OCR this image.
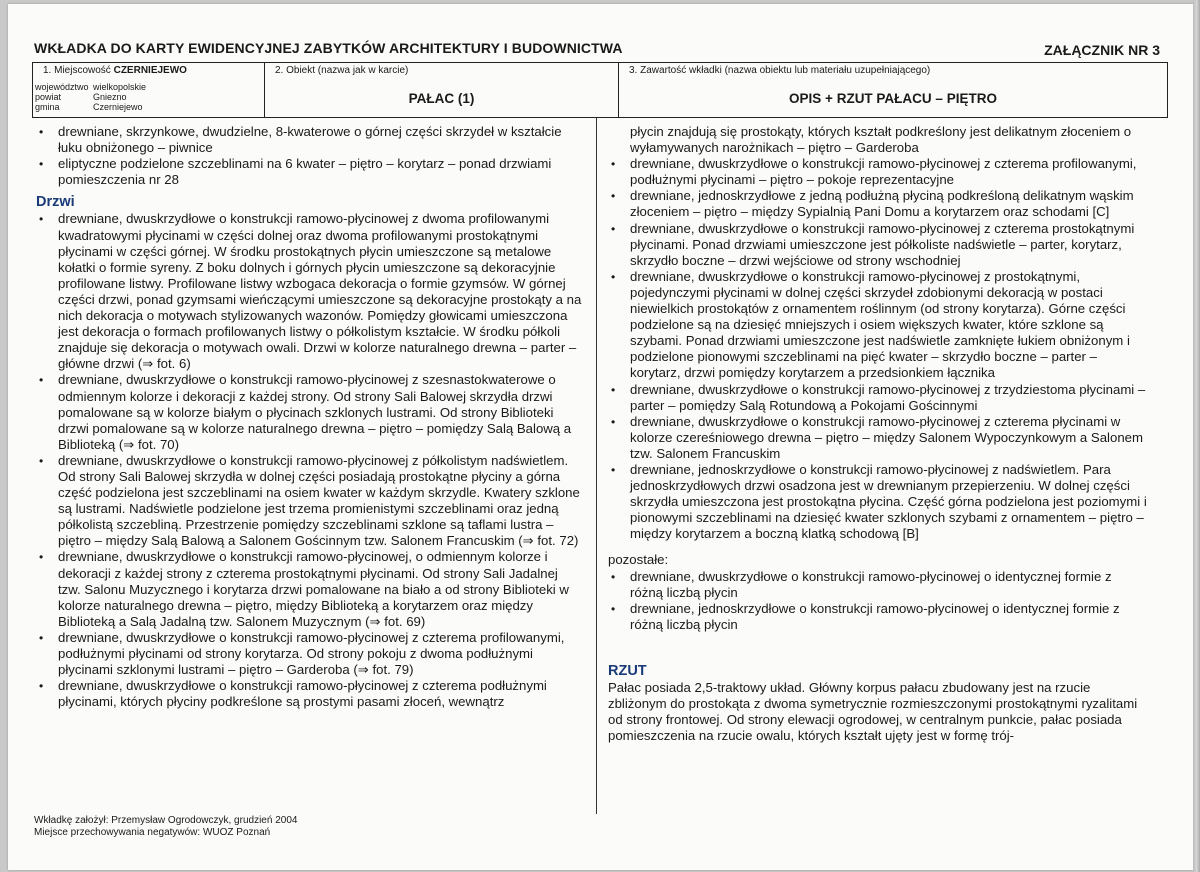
WKŁADKA DO KARTY EWIDENCYJNEJ ZABYTKÓW ARCHITEKTURY I BUDOWNICTWA	ZAŁĄCZNIK NR 3
1. Miejscowość CZERNIEJEWO
województwo wielkopolskie
powiat	Gniezno
gmina	Czerniejewo
2. Obiekt (nazwa jak w karcie)
PAŁAC (1)
3. Zawartość wkładki (nazwa obiektu lub materiału uzupełniającego)
OPIS + RZUT PAŁACU – PIĘTRO
• drewniane, skrzynkowe, dwudzielne, 8-kwaterowe o górnej części skrzydeł w kształcie łuku obniżonego – piwnice
• eliptyczne podzielone szczeblinami na 6 kwater – piętro – korytarz – ponad drzwiami pomieszczenia nr 28
Drzwi
• drewniane, dwuskrzydłowe o konstrukcji ramowo-płycinowej z dwoma profilowanymi kwadratowymi płycinami w części dolnej oraz dwoma profilowanymi prostokątnymi płycinami w części górnej. W środku prostokątnych płycin umieszczone są metalowe kołatki o formie syreny. Z boku dolnych i górnych płycin umieszczone są dekoracyjnie profilowane listwy. Profilowane listwy wzbogaca dekoracja o formie gzymsów. W górnej części drzwi, ponad gzymsami wieńczącymi umieszczone są dekoracyjne prostokąty a na nich dekoracja o motywach stylizowanych wazonów. Pomiędzy głowicami umieszczona jest dekoracja o formach profilowanych listwy o półkolistym kształcie. W środku półkoli znajduje się dekoracja o motywach owali. Drzwi w kolorze naturalnego drewna – parter – główne drzwi (⇒ fot. 6)
• drewniane, dwuskrzydłowe o konstrukcji ramowo-płycinowej z szesnastokwaterowe o odmiennym kolorze i dekoracji z każdej strony. Od strony Sali Balowej skrzydła drzwi pomalowane są w kolorze białym o płycinach szklonych lustrami. Od strony Biblioteki drzwi pomalowane są w kolorze naturalnego drewna – piętro – pomiędzy Salą Balową a Biblioteką (⇒ fot. 70)
• drewniane, dwuskrzydłowe o konstrukcji ramowo-płycinowej z półkolistym nadświetlem. Od strony Sali Balowej skrzydła w dolnej części posiadają prostokątne płyciny a górna część podzielona jest szczeblinami na osiem kwater w każdym skrzydle. Kwatery szklone są lustrami. Nadświetle podzielone jest trzema promienistymi szczeblinami oraz jedną półkolistą szczebliną. Przestrzenie pomiędzy szczeblinami szklone są taflami lustra – piętro – między Salą Balową a Salonem Gościnnym tzw. Salonem Francuskim (⇒ fot. 72)
• drewniane, dwuskrzydłowe o konstrukcji ramowo-płycinowej, o odmiennym kolorze i dekoracji z każdej strony z czterema prostokątnymi płycinami. Od strony Sali Jadalnej tzw. Salonu Muzycznego i korytarza drzwi pomalowane na biało a od strony Biblioteki w kolorze naturalnego drewna – piętro, między Biblioteką a korytarzem oraz między Biblioteką a Salą Jadalną tzw. Salonem Muzycznym (⇒ fot. 69)
• drewniane, dwuskrzydłowe o konstrukcji ramowo-płycinowej z czterema profilowanymi, podłużnymi płycinami od strony korytarza. Od strony pokoju z dwoma podłużnymi płycinami szklonymi lustrami – piętro – Garderoba (⇒ fot. 79)
• drewniane, dwuskrzydłowe o konstrukcji ramowo-płycinowej z czterema podłużnymi płycinami, których płyciny podkreślone są prostymi pasami złoceń, wewnątrz

płycin znajdują się prostokąty, których kształt podkreślony jest delikatnym złoceniem o wyłamywanych narożnikach – piętro – Garderoba

• drewniane, dwuskrzydłowe o konstrukcji ramowo-płycinowej z czterema profilowanymi, podłużnymi płycinami – piętro – pokoje reprezentacyjne
• drewniane, jednoskrzydłowe z jedną podłużną płyciną podkreśloną delikatnym wąskim złoceniem – piętro – między Sypialnią Pani Domu a korytarzem oraz schodami [C]
• drewniane, dwuskrzydłowe o konstrukcji ramowo-płycinowej z czterema prostokątnymi płycinami. Ponad drzwiami umieszczone jest półkoliste nadświetle – parter, korytarz, skrzydło boczne – drzwi wejściowe od strony wschodniej
• drewniane, dwuskrzydłowe o konstrukcji ramowo-płycinowej z prostokątnymi, pojedynczymi płycinami w dolnej części skrzydeł zdobionymi dekoracją w postaci niewielkich prostokątów z ornamentem roślinnym (od strony korytarza). Górne części podzielone są na dziesięć mniejszych i osiem większych kwater, które szklone są szybami. Ponad drzwiami umieszczone jest nadświetle zamknięte łukiem obniżonym i podzielone pionowymi szczeblinami na pięć kwater – skrzydło boczne – parter – korytarz, drzwi pomiędzy korytarzem a przedsionkiem łącznika
• drewniane, dwuskrzydłowe o konstrukcji ramowo-płycinowej z trzydziestoma płycinami – parter – pomiędzy Salą Rotundową a Pokojami Gościnnymi
• drewniane, dwuskrzydłowe o konstrukcji ramowo-płycinowej z czterema płycinami w kolorze czereśniowego drewna – piętro – między Salonem Wypoczynkowym a Salonem tzw. Salonem Francuskim
• drewniane, jednoskrzydłowe o konstrukcji ramowo-płycinowej z nadświetlem. Para jednoskrzydłowych drzwi osadzona jest w drewnianym przepierzeniu. W dolnej części skrzydła umieszczona jest prostokątna płycina. Część górna podzielona jest poziomymi i pionowymi szczeblinami na dziesięć kwater szklonych szybami z ornamentem – piętro – między korytarzem a boczną klatką schodową [B]

pozostałe:

• drewniane, dwuskrzydłowe o konstrukcji ramowo-płycinowej o identycznej formie z różną liczbą płycin
• drewniane, jednoskrzydłowe o konstrukcji ramowo-płycinowej o identycznej formie z różną liczbą płycin
RZUT

Pałac posiada 2,5-traktowy układ. Główny korpus pałacu zbudowany jest na rzucie zbliżonym do prostokąta z dwoma symetrycznie rozmieszczonymi prostokątnymi ryzalitami od strony frontowej. Od strony elewacji ogrodowej, w centralnym punkcie, pałac posiada pomieszczenia na rzucie owalu, których kształt ujęty jest w formę trój-

Wkładkę założył: Przemysław Ogrodowczyk, grudzień 2004
Miejsce przechowywania negatywów: WUOZ Poznań
